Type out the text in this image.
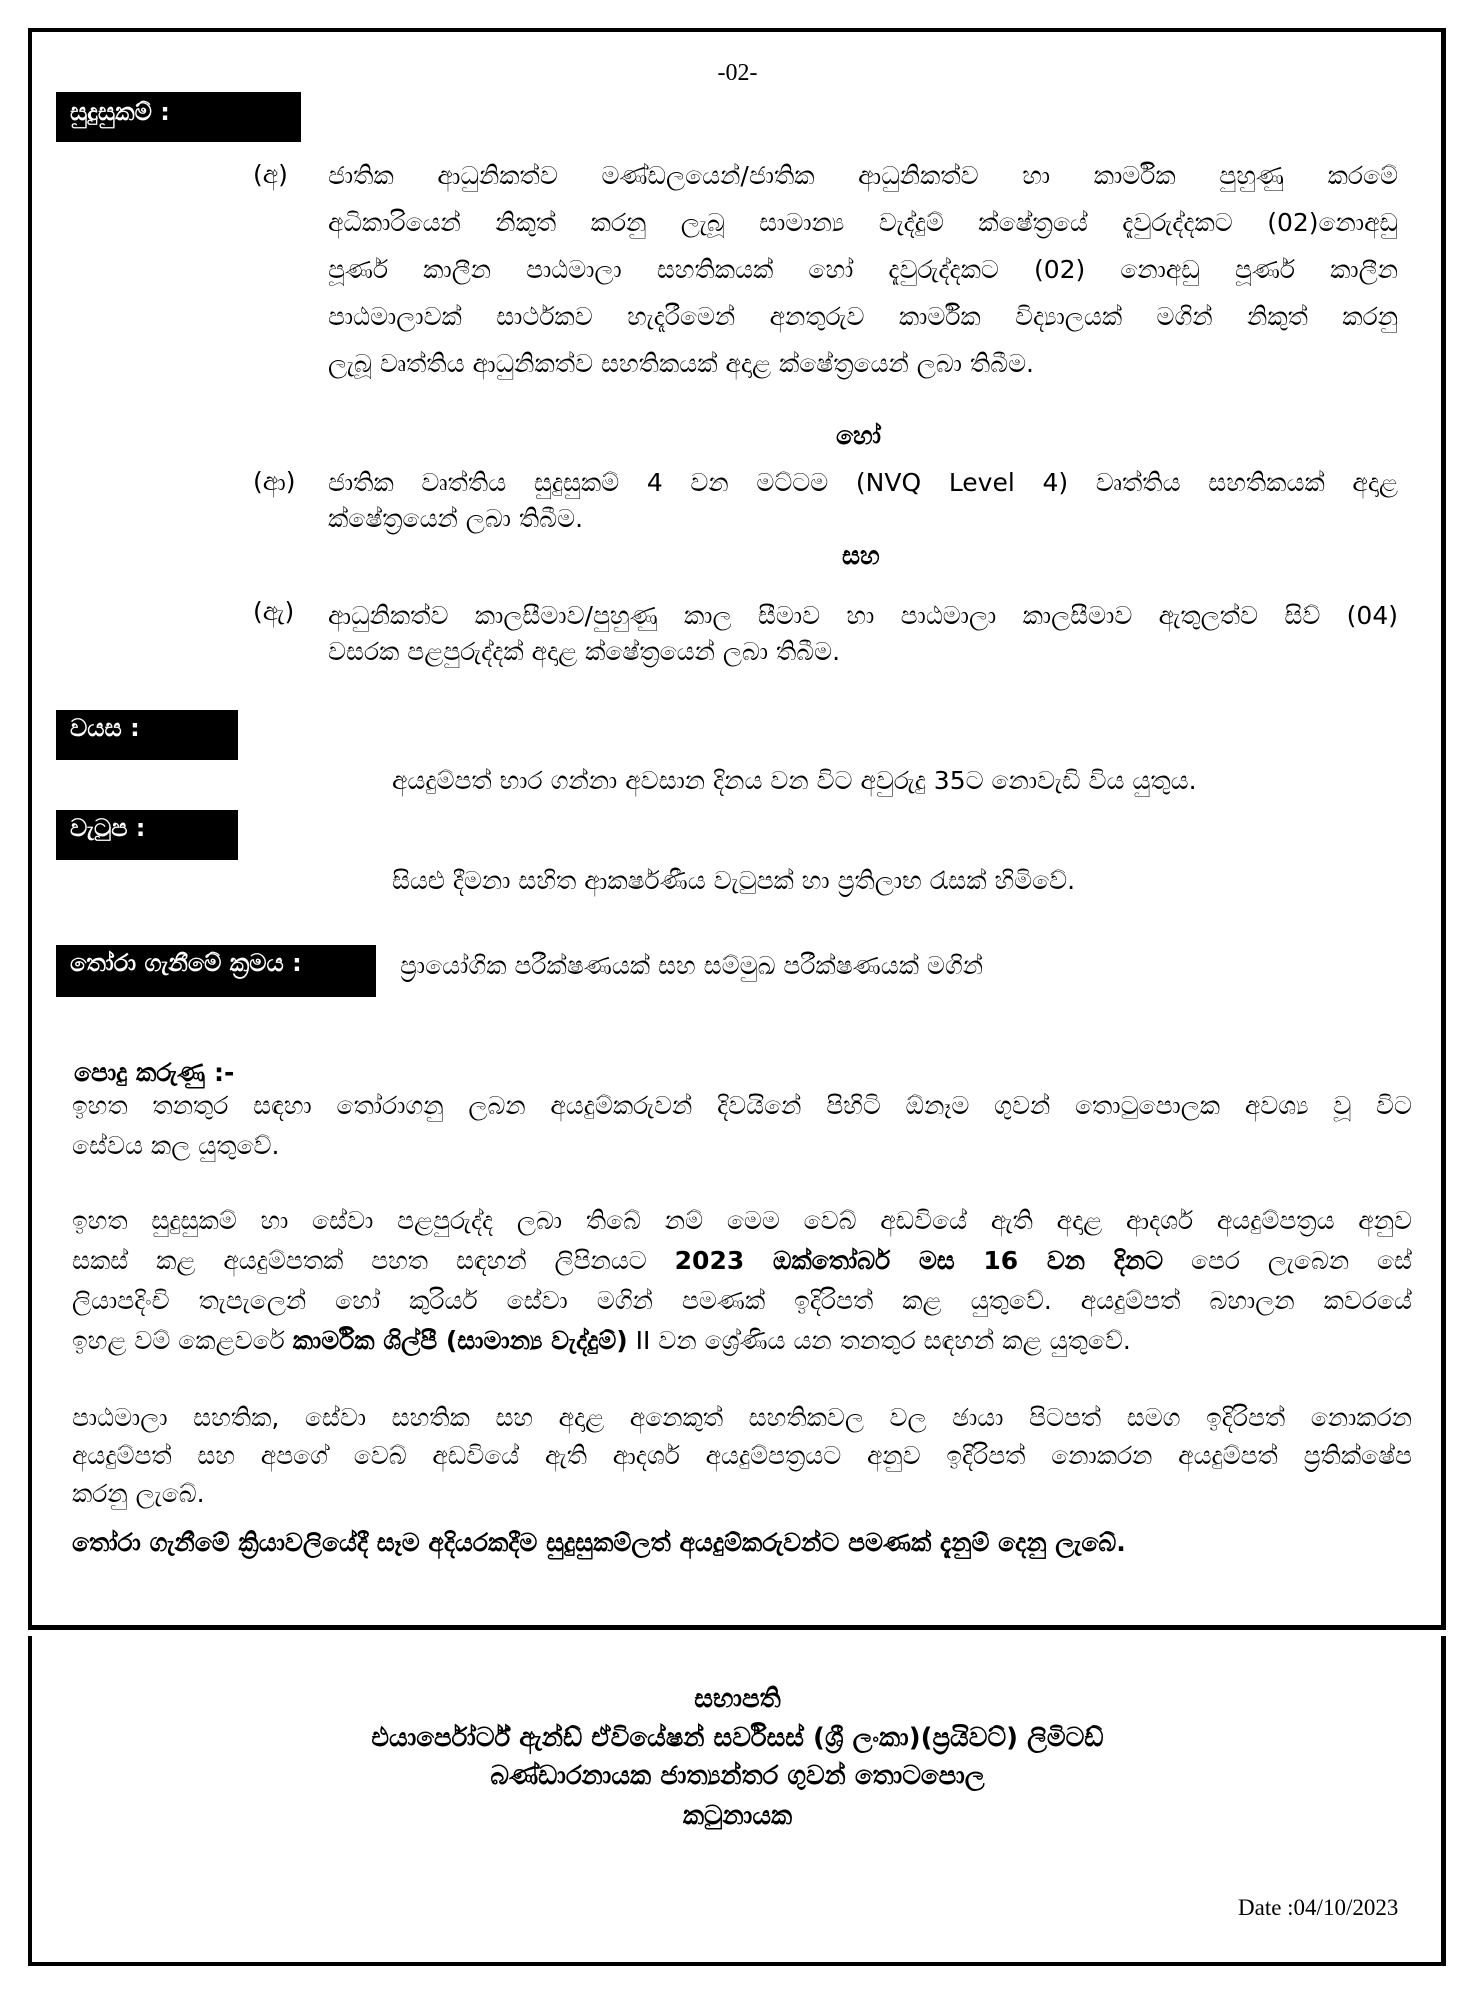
-02-
සුදුසුකම් :
(අ) ජාතික ආධුනිකත්ව මණ්ඩලයෙන්/ජාතික ආධුනිකත්ව හා කාර්මික පුහුණු කරමේ
අධිකාරියෙන් නිකුත් කරනු ලැබූ සාමාන්‍ය වැද්දුම් ක්ෂේත්‍රයේ දැවුරුද්දකට (02)නොඅඩු
පූර්ණ කාලීන පාඨමාලා සහතිකයක් හෝ දැවුරුද්දකට (02) නොඅඩු පූර්ණ කාලීන
පාඨමාලාවක් සාර්ථකව හැදෑරීමෙන් අනතුරුව කාර්මික විද්‍යාලයක් මගින් නිකුත් කරනු
ලැබූ වෘත්තිය ආධුනිකත්ව සහතිකයක් අදාළ ක්ෂේත්‍රයෙන් ලබා තිබීම.
හෝ
(ආ) ජාතික වෘත්තිය සුදුසුකම් 4 වන මට්ටම (NVQ Level 4) වෘත්තිය සහතිකයක් අදාළ
ක්ෂේත්‍රයෙන් ලබා තිබීම.
සහ
(ඇ) ආධුනිකත්ව කාලසීමාව/පුහුණු කාල සීමාව හා පාඨමාලා කාලසීමාව ඇතුලත්ව සිව් (04)
වසරක පළපුරුද්දක් අදාළ ක්ෂේත්‍රයෙන් ලබා තිබීම.
වයස :
අයදුම්පත් භාර ගන්නා අවසාන දිනය වන විට අවුරුදු 35ට නොවැඩි විය යුතුය.
වැටුප :
සියළු දීමනා සහිත ආකර්ෂණීය වැටුපක් හා ප්‍රතිලාභ රැසක් හිමිවේ.
තෝරා ගැනීමේ ක්‍රමය :	ප්‍රායෝගික පරීක්ෂණයක් සහ සම්මුඛ පරීක්ෂණයක් මගින්
පොදු කරුණු :-
ඉහත තනතුර සඳහා තෝරාගනු ලබන අයදුම්කරුවන් දිවයිනේ පිහිටි ඕනෑම ගුවන් තොටුපොලක අවශ්‍ය වූ විට
සේවය කල යුතුවේ.
ඉහත සුදුසුකම් හා සේවා පළපුරුද්ද ලබා තිබේ නම් මෙම වෙබ් අඩවියේ ඇති අදාළ ආදර්ශ අයදුම්පත්‍රය අනුව
සකස් කළ අයදුම්පතක් පහත සඳහන් ලිපිනයට 2023 ඔක්තෝබර් මස 16 වන දිනට පෙර ලැබෙන සේ
ලියාපදිංචි තැපැලෙන් හෝ කුරියර් සේවා මගින් පමණක් ඉදිරිපත් කළ යුතුවේ. අයදුම්පත් බහාලන කවරයේ
ඉහළ වම් කෙළවරේ කාර්මික ශිල්පී (සාමාන්‍ය වැද්දුම්) II වන ශ්‍රේණිය යන තනතුර සඳහන් කළ යුතුවේ.
පාඨමාලා සහතික, සේවා සහතික සහ අදාළ අනෙකුත් සහතිකවල වල ඡායා පිටපත් සමග ඉදිරිපත් නොකරන
අයදුම්පත් සහ අපගේ වෙබ් අඩවියේ ඇති ආදර්ශ අයදුම්පත්‍රයට අනුව ඉදිරිපත් නොකරන අයදුම්පත් ප්‍රතික්ෂේප
කරනු ලැබේ.
තෝරා ගැනීමේ ක්‍රියාවලියේදී සෑම අදියරකදීම සුදුසුකම්ලත් අයදුම්කරුවන්ට පමණක් දැනුම් දෙනු ලැබේ.
සභාපති
එයාර්පෝර්ට් ඇන්ඩ් ඒවියේෂන් සර්විසස් (ශ්‍රී ලංකා)(ප්‍රයිවට්) ලිමිටඩ්
බණ්ඩාරනායක ජාත්‍යන්තර ගුවන් තොටපොල
කටුනායක
Date :04/10/2023
